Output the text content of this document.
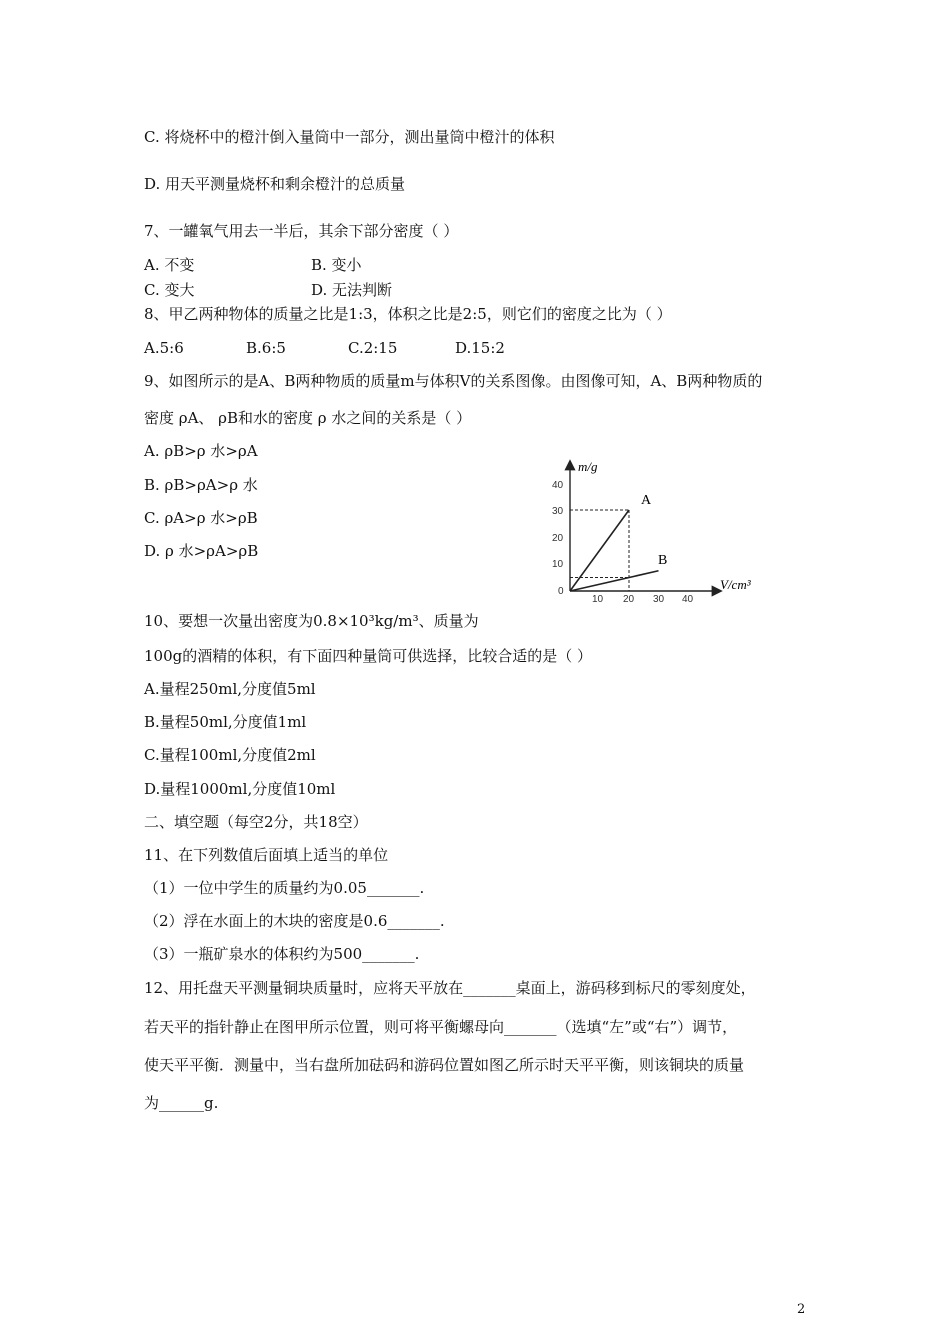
C. 将烧杯中的橙汁倒入量筒中一部分，测出量筒中橙汁的体积
D. 用天平测量烧杯和剩余橙汁的总质量
7、一罐氧气用去一半后，其余下部分密度（ ）
A. 不变	B. 变小
C. 变大	D. 无法判断
8、甲乙两种物体的质量之比是1:3，体积之比是2:5，则它们的密度之比为（ ）
A.5:6	B.6:5	C.2:15	D.15:2
9、如图所示的是A、B两种物质的质量m与体积V的关系图像。由图像可知，A、B两种物质的
密度 ρA、 ρB和水的密度 ρ 水之间的关系是（ ）
A. ρB>ρ 水>ρA
B. ρB>ρA>ρ 水
C. ρA>ρ 水>ρB
D. ρ 水>ρA>ρB
m/g
V/cm³
40
30
20
10
0
10 20 30 40
A
B
10、要想一次量出密度为0.8×10³kg/m³、质量为
100g的酒精的体积，有下面四种量筒可供选择，比较合适的是（ ）
A.量程250ml,分度值5ml
B.量程50ml,分度值1ml
C.量程100ml,分度值2ml
D.量程1000ml,分度值10ml
二、填空题（每空2分，共18空）
11、在下列数值后面填上适当的单位
（1）一位中学生的质量约为0.05_______.
（2）浮在水面上的木块的密度是0.6_______.
（3）一瓶矿泉水的体积约为500_______.
12、用托盘天平测量铜块质量时，应将天平放在_______桌面上，游码移到标尺的零刻度处，
若天平的指针静止在图甲所示位置，则可将平衡螺母向_______（选填“左”或“右”）调节，
使天平平衡．测量中，当右盘所加砝码和游码位置如图乙所示时天平平衡，则该铜块的质量
为______g.
2
